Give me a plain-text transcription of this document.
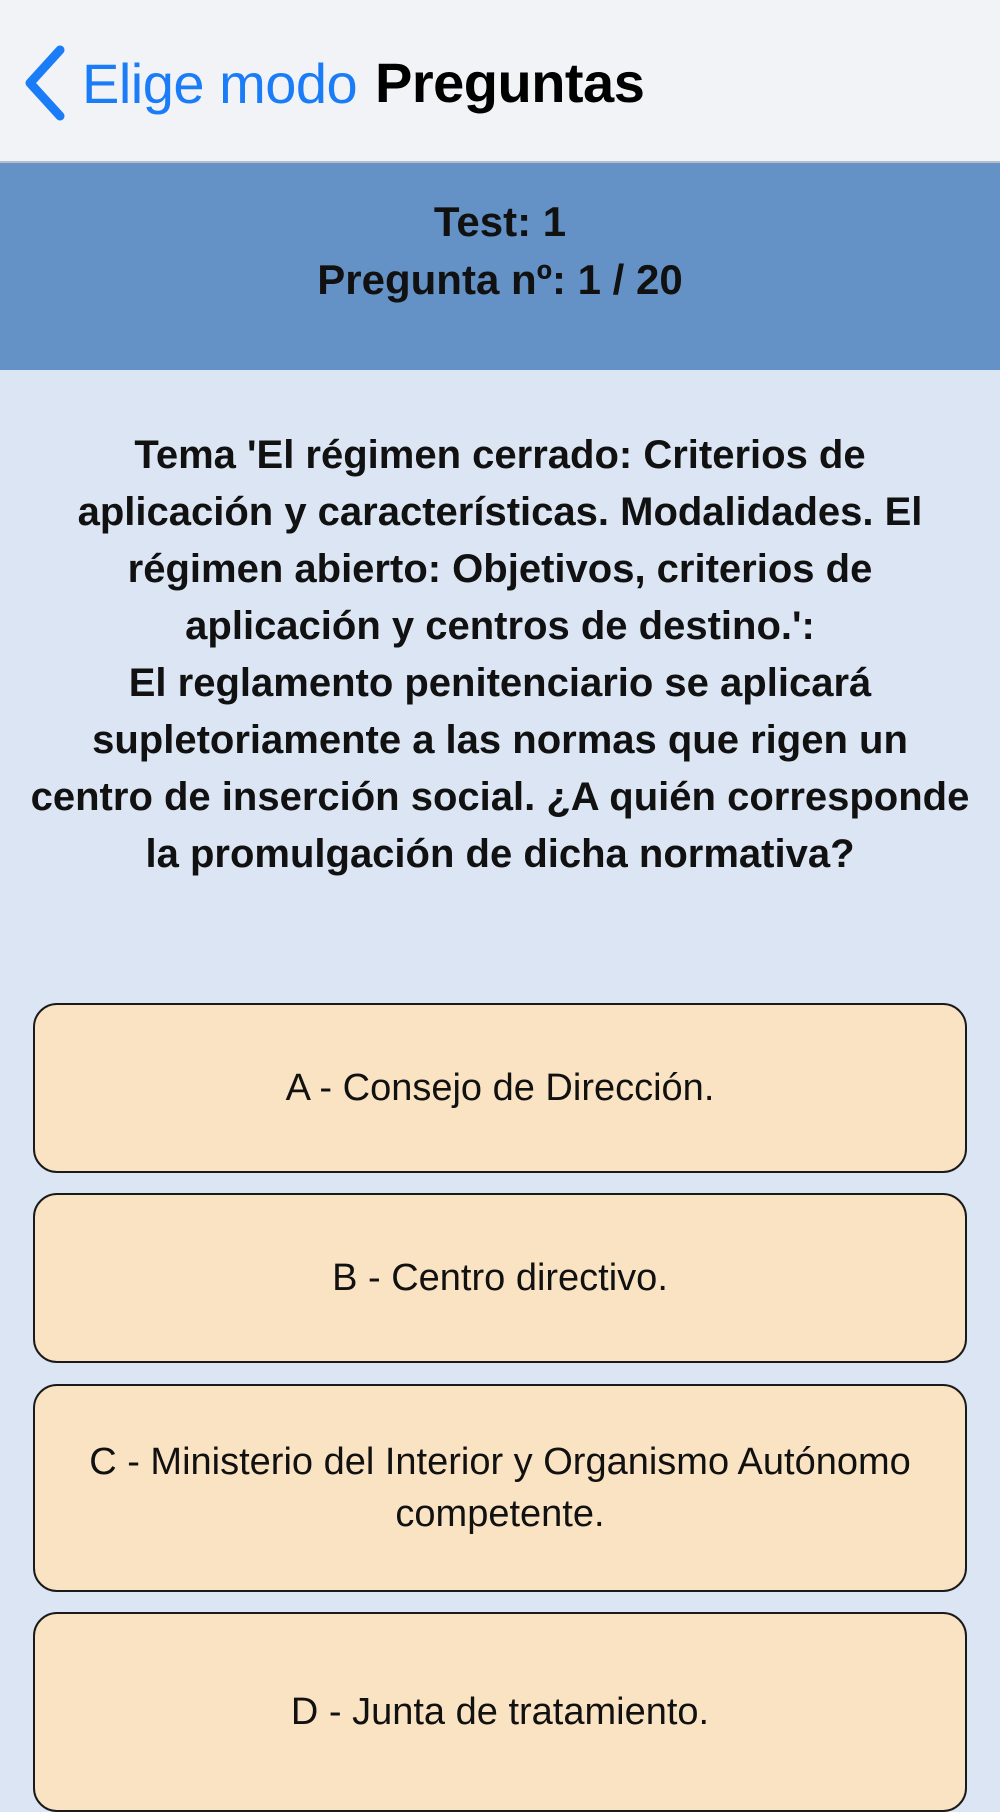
Elige modo Preguntas
Test: 1
Pregunta nº: 1 / 20
Tema 'El régimen cerrado: Criterios de
aplicación y características. Modalidades. El
régimen abierto: Objetivos, criterios de
aplicación y centros de destino.':
El reglamento penitenciario se aplicará
supletoriamente a las normas que rigen un
centro de inserción social. ¿A quién corresponde
la promulgación de dicha normativa?
A - Consejo de Dirección.
B - Centro directivo.
C - Ministerio del Interior y Organismo Autónomo competente.
D - Junta de tratamiento.
